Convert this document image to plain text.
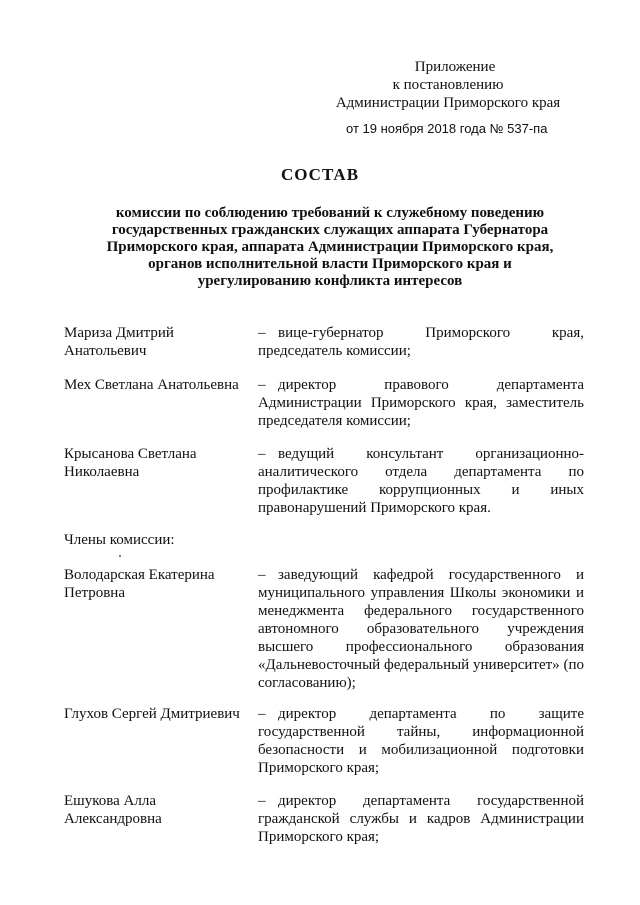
Приложение
к постановлению
Администрации Приморского края
от 19 ноября 2018 года № 537-па
СОСТАВ
комиссии по соблюдению требований к служебному поведению
государственных гражданских служащих аппарата Губернатора
Приморского края, аппарата Администрации Приморского края,
органов исполнительной власти Приморского края и
урегулированию конфликта интересов
Мариза Дмитрий
Анатольевич
– вице-губернатор Приморского края, председатель комиссии;
Мех Светлана Анатольевна	– директор правового департамента Администрации Приморского края, заместитель председателя комиссии;
Крысанова Светлана
Николаевна
– ведущий консультант организационно-аналитического отдела департамента по профилактике коррупционных и иных правонарушений Приморского края.
Члены комиссии:
Володарская Екатерина
Петровна
– заведующий кафедрой государственного и муниципального управления Школы экономики и менеджмента федерального государственного автономного образовательного учреждения высшего профессионального образования «Дальневосточный федеральный университет» (по согласованию);
Глухов Сергей Дмитриевич	– директор департамента по защите государственной тайны, информационной безопасности и мобилизационной подготовки Приморского края;
Ешукова Алла
Александровна
– директор департамента государственной гражданской службы и кадров Администрации Приморского края;
